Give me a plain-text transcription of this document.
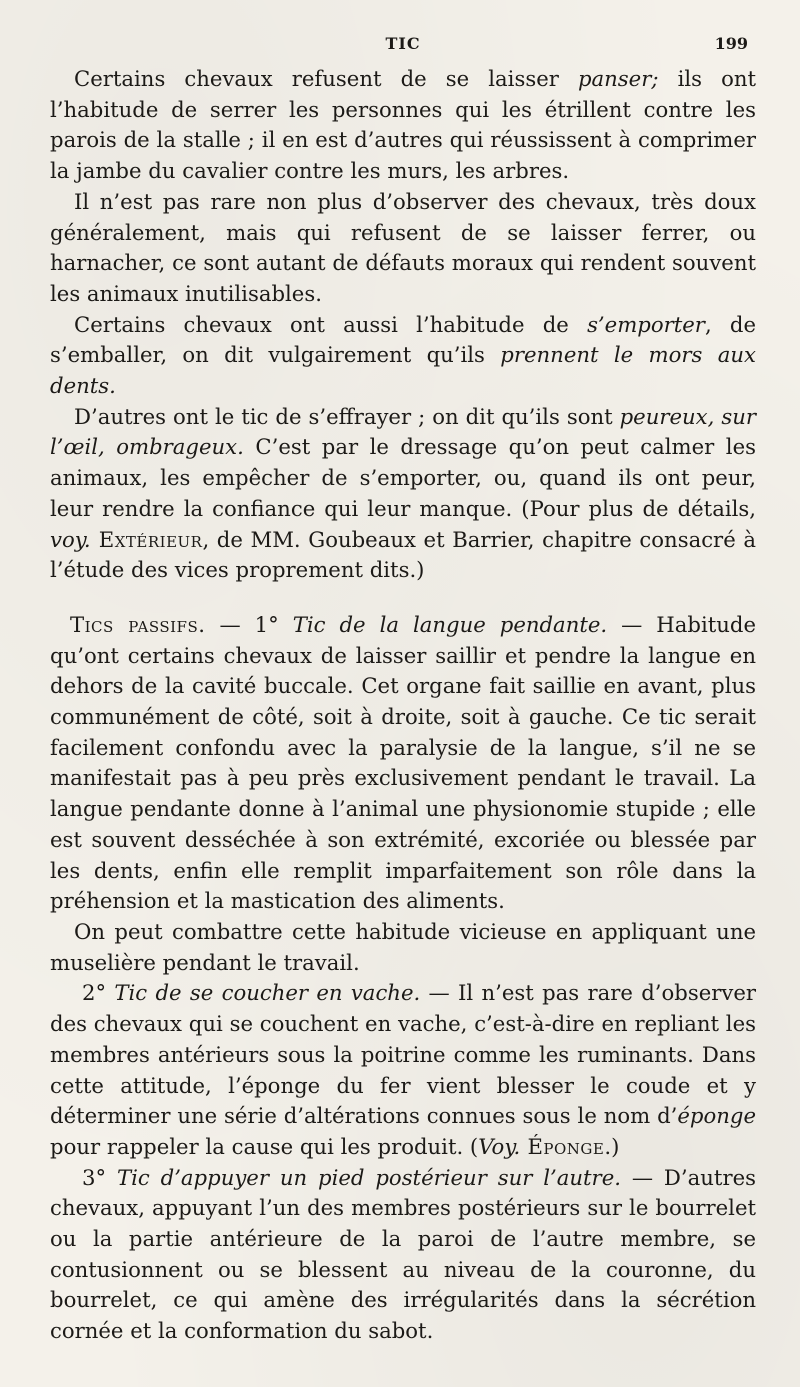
TIC	199

Certains chevaux refusent de se laisser panser; ils ont l’habitude de serrer les personnes qui les étrillent contre les parois de la stalle ; il en est d’autres qui réussissent à comprimer la jambe du cavalier contre les murs, les arbres.

Il n’est pas rare non plus d’observer des chevaux, très doux généralement, mais qui refusent de se laisser ferrer, ou harnacher, ce sont autant de défauts moraux qui rendent souvent les animaux inutilisables.

Certains chevaux ont aussi l’habitude de s’emporter, de s’emballer, on dit vulgairement qu’ils prennent le mors aux dents.

D’autres ont le tic de s’effrayer ; on dit qu’ils sont peureux, sur l’œil, ombrageux. C’est par le dressage qu’on peut calmer les animaux, les empêcher de s’emporter, ou, quand ils ont peur, leur rendre la confiance qui leur manque. (Pour plus de détails, voy. Extérieur, de MM. Goubeaux et Barrier, chapitre consacré à l’étude des vices proprement dits.)

Tics passifs. — 1° Tic de la langue pendante. — Habitude qu’ont certains chevaux de laisser saillir et pendre la langue en dehors de la cavité buccale. Cet organe fait saillie en avant, plus communément de côté, soit à droite, soit à gauche. Ce tic serait facilement confondu avec la paralysie de la langue, s’il ne se manifestait pas à peu près exclusivement pendant le travail. La langue pendante donne à l’animal une physionomie stupide ; elle est souvent desséchée à son extrémité, excoriée ou blessée par les dents, enfin elle remplit imparfaitement son rôle dans la préhension et la mastication des aliments.

On peut combattre cette habitude vicieuse en appliquant une muselière pendant le travail.

2° Tic de se coucher en vache. — Il n’est pas rare d’observer des chevaux qui se couchent en vache, c’est-à-dire en repliant les membres antérieurs sous la poitrine comme les ruminants. Dans cette attitude, l’éponge du fer vient blesser le coude et y déterminer une série d’altérations connues sous le nom d’éponge pour rappeler la cause qui les produit. (Voy. Éponge.)

3° Tic d’appuyer un pied postérieur sur l’autre. — D’autres chevaux, appuyant l’un des membres postérieurs sur le bourrelet ou la partie antérieure de la paroi de l’autre membre, se contusionnent ou se blessent au niveau de la couronne, du bourrelet, ce qui amène des irrégularités dans la sécrétion cornée et la conformation du sabot.
